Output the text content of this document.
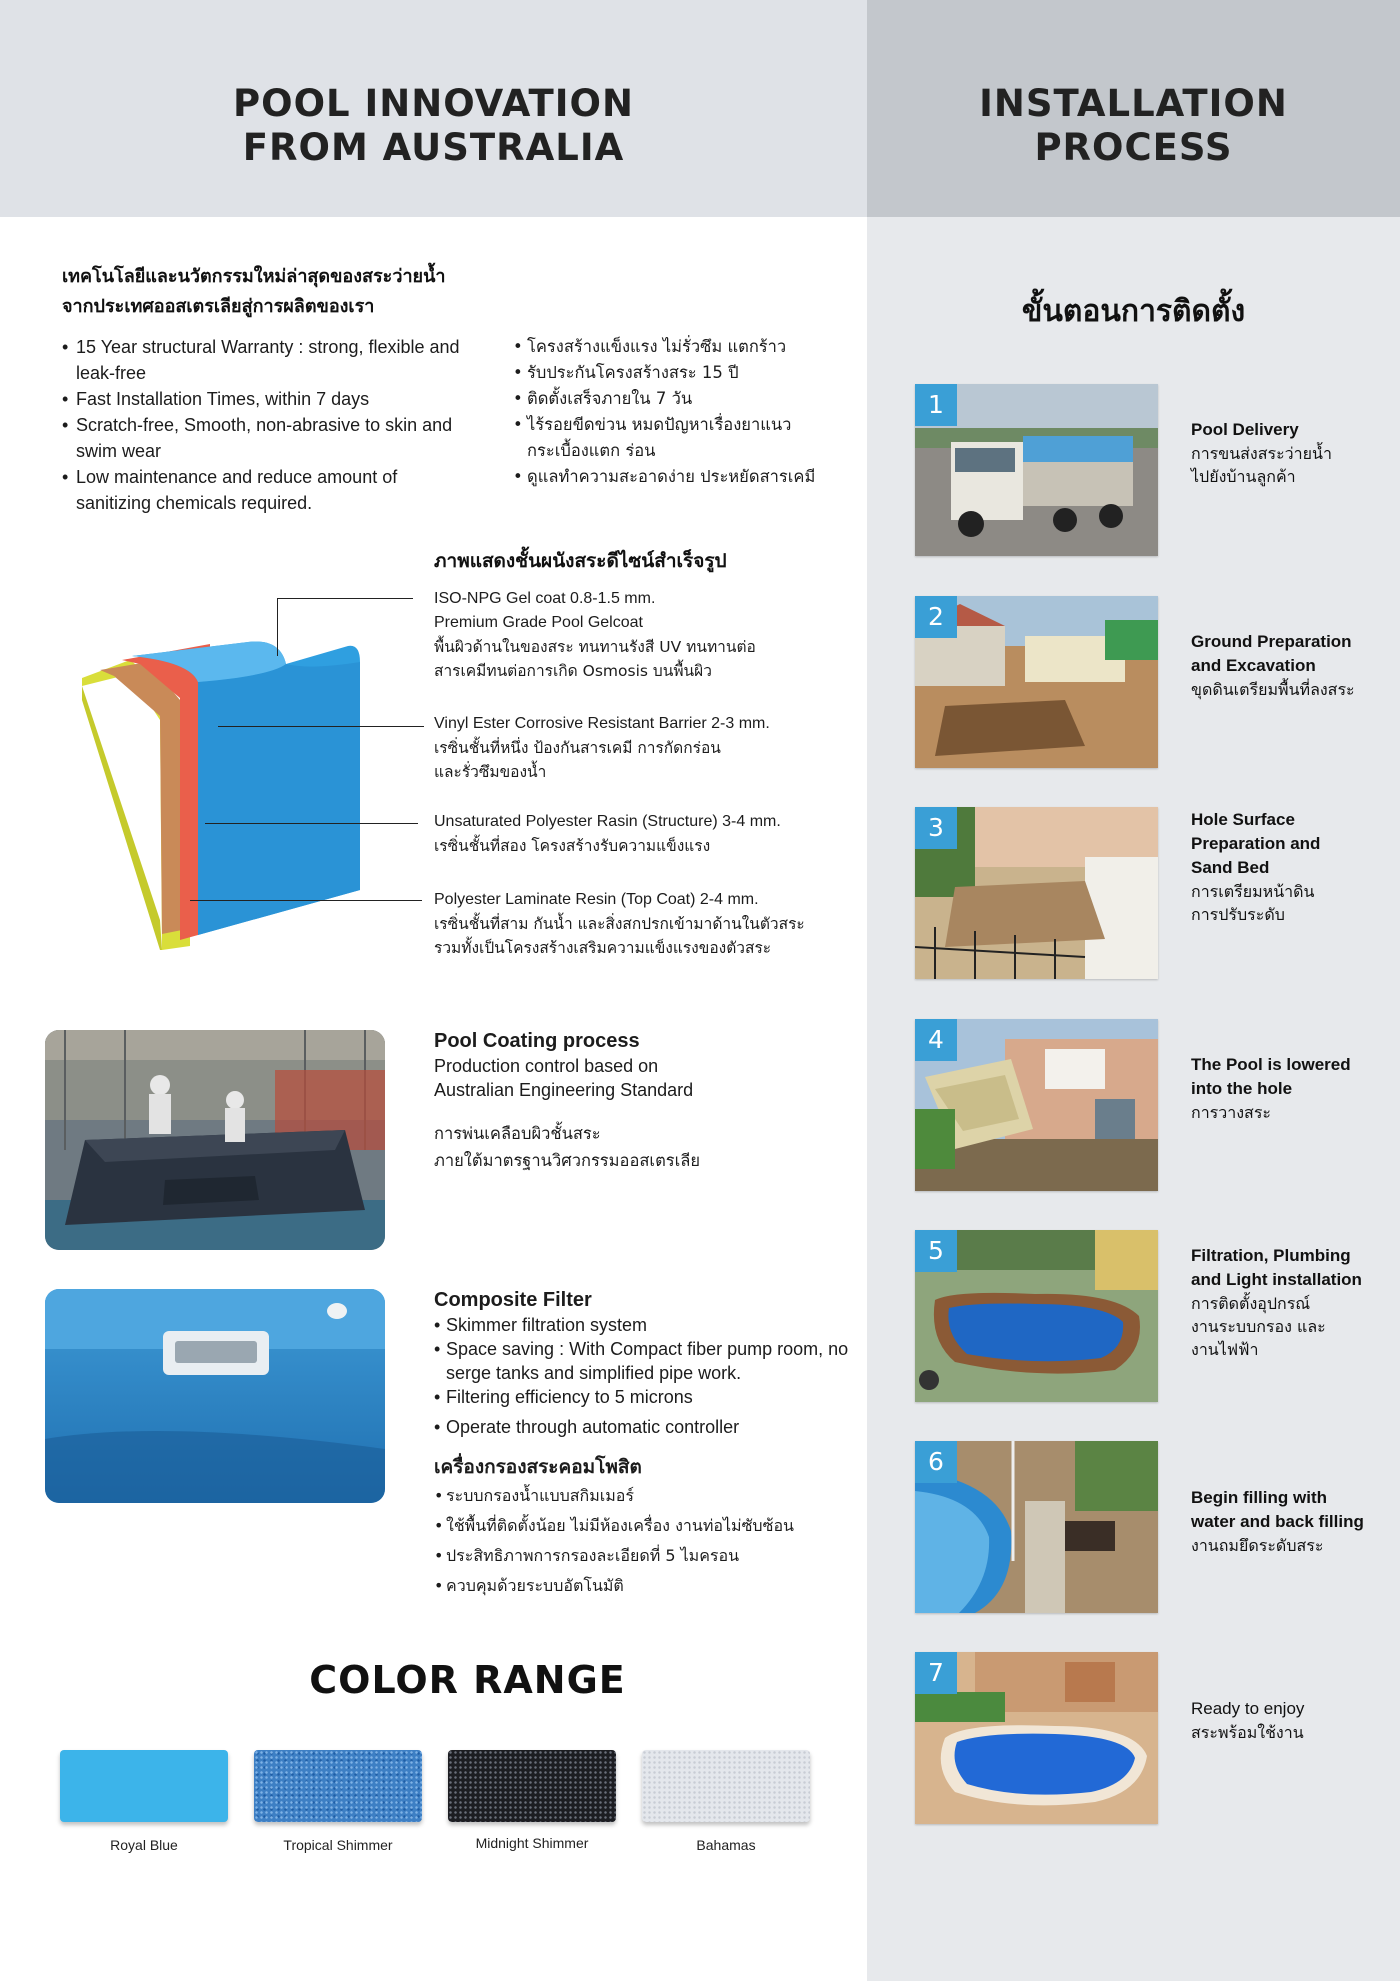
POOL INNOVATION
FROM AUSTRALIA
INSTALLATION
PROCESS
เทคโนโลยีและนวัตกรรมใหม่ล่าสุดของสระว่ายน้ำ
จากประเทศออสเตรเลียสู่การผลิตของเรา
• 15 Year structural Warranty : strong, flexible and leak-free
• Fast Installation Times, within 7 days
• Scratch-free, Smooth, non-abrasive to skin and swim wear
• Low maintenance and reduce amount of sanitizing chemicals required.
• โครงสร้างแข็งแรง ไม่รั่วซึม แตกร้าว
• รับประกันโครงสร้างสระ 15 ปี
• ติดตั้งเสร็จภายใน 7 วัน
• ไร้รอยขีดข่วน หมดปัญหาเรื่องยาแนว กระเบื้องแตก ร่อน
• ดูแลทำความสะอาดง่าย ประหยัดสารเคมี
ภาพแสดงชั้นผนังสระดีไซน์สำเร็จรูป
ISO-NPG Gel coat 0.8-1.5 mm.
Premium Grade Pool Gelcoat
พื้นผิวด้านในของสระ ทนทานรังสี UV ทนทานต่อ
สารเคมีทนต่อการเกิด Osmosis บนพื้นผิว
Vinyl Ester Corrosive Resistant Barrier 2-3 mm.
เรซิ่นชั้นที่หนึ่ง ป้องกันสารเคมี การกัดกร่อน
และรั่วซึมของน้ำ
Unsaturated Polyester Rasin (Structure) 3-4 mm.
เรซิ่นชั้นที่สอง โครงสร้างรับความแข็งแรง
Polyester Laminate Resin (Top Coat) 2-4 mm.
เรซิ่นชั้นที่สาม กันน้ำ และสิ่งสกปรกเข้ามาด้านในตัวสระ
รวมทั้งเป็นโครงสร้างเสริมความแข็งแรงของตัวสระ
Pool Coating process
Production control based on
Australian Engineering Standard
การพ่นเคลือบผิวชั้นสระ
ภายใต้มาตรฐานวิศวกรรมออสเตรเลีย
Composite Filter
• Skimmer filtration system
• Space saving : With Compact fiber pump room, no serge tanks and simplified pipe work.
• Filtering efficiency to 5 microns
• Operate through automatic controller
เครื่องกรองสระคอมโพสิต
• ระบบกรองน้ำแบบสกิมเมอร์
• ใช้พื้นที่ติดตั้งน้อย ไม่มีห้องเครื่อง งานท่อไม่ซับซ้อน
• ประสิทธิภาพการกรองละเอียดที่ 5 ไมครอน
• ควบคุมด้วยระบบอัตโนมัติ
COLOR RANGE
Royal Blue	Tropical Shimmer	Midnight Shimmer	Bahamas
ขั้นตอนการติดตั้ง
1
Pool Delivery
การขนส่งสระว่ายน้ำ
ไปยังบ้านลูกค้า
2
Ground Preparation
and Excavation
ขุดดินเตรียมพื้นที่ลงสระ
3	Hole Surface
Preparation and
Sand Bed
การเตรียมหน้าดิน
การปรับระดับ
4
The Pool is lowered
into the hole
การวางสระ
5	Filtration, Plumbing
and Light installation
การติดตั้งอุปกรณ์
งานระบบกรอง และ
งานไฟฟ้า
6
Begin filling with
water and back filling
งานถมยึดระดับสระ
7
Ready to enjoy
สระพร้อมใช้งาน
